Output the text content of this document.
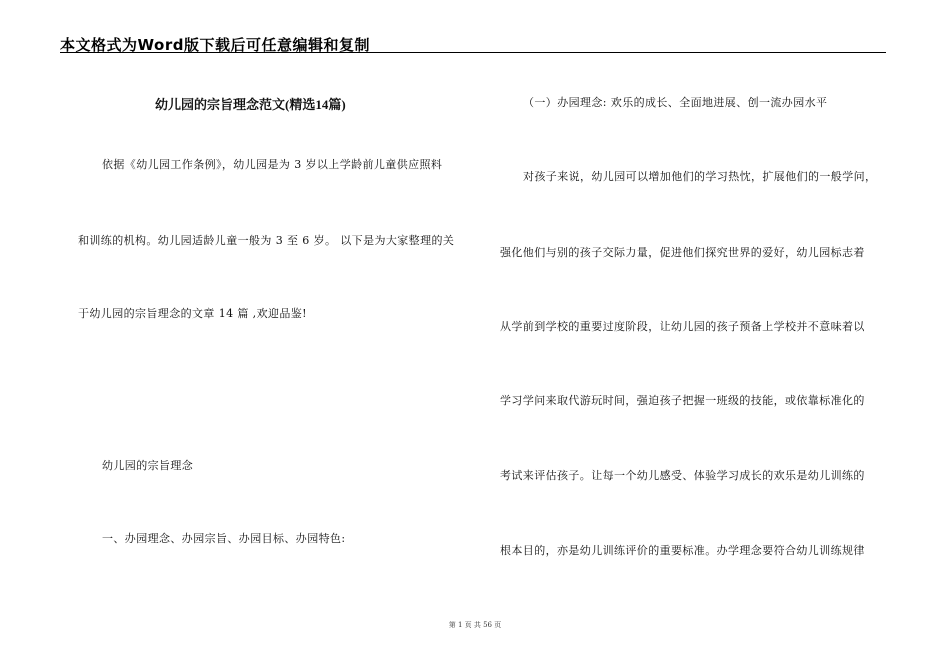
本文格式为Word版下载后可任意编辑和复制
幼儿园的宗旨理念范文(精选14篇)
依据《幼儿园工作条例》，幼儿园是为 3 岁以上学龄前儿童供应照料
和训练的机构。幼儿园适龄儿童一般为 3 至 6 岁。 以下是为大家整理的关
于幼儿园的宗旨理念的文章 14 篇 ,欢迎品鉴!
幼儿园的宗旨理念
一、办园理念、办园宗旨、办园目标、办园特色:
（一）办园理念: 欢乐的成长、全面地进展、创一流办园水平
对孩子来说，幼儿园可以增加他们的学习热忱，扩展他们的一般学问，
强化他们与别的孩子交际力量，促进他们探究世界的爱好，幼儿园标志着
从学前到学校的重要过度阶段，让幼儿园的孩子预备上学校并不意味着以
学习学问来取代游玩时间，强迫孩子把握一班级的技能，或依靠标准化的
考试来评估孩子。让每一个幼儿感受、体验学习成长的欢乐是幼儿训练的
根本目的，亦是幼儿训练评价的重要标准。办学理念要符合幼儿训练规律
第 1 页 共 56 页
